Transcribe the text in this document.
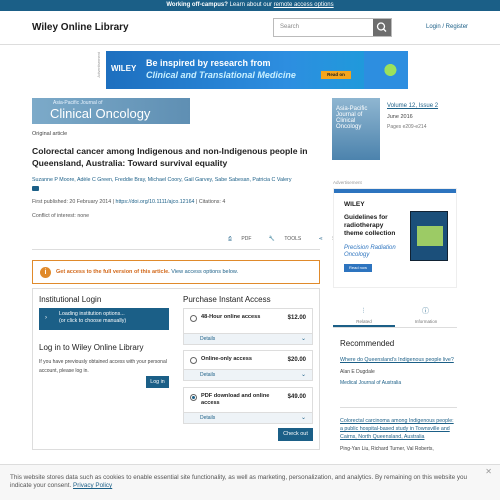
Working off-campus? Learn about our remote access options
Wiley Online Library	Search	Login / Register
Advertisement WILEY
Be inspired by research from
Clinical and Translational Medicine	Read on
Asia-Pacific Journal of
Clinical Oncology
Original article
Colorectal cancer among Indigenous and non-Indigenous people in Queensland, Australia: Toward survival equality
Suzanne P Moore, Adèle C Green, Freddie Bray, Michael Coory, Gail Garvey, Sabe Sabesan, Patricia C Valery
First published: 20 February 2014 | https://doi.org/10.1111/ajco.12164 | Citations: 4
Conflict of interest: none
⎙ PDF	🔧 TOOLS	⋖
i	Get access to the full version of this article. View access options below.
Institutional Login
›
Loading institution options...
(or click to choose manually)
Log in to Wiley Online Library
If you have previously obtained access with your personal account, please log in.
Log in
Purchase Instant Access
48-Hour online access	$12.00
Details	⌄
Online-only access	$20.00
Details	⌄
PDF download and online access
$49.00
Details	⌄
Check out
Asia-Pacific Journal of Clinical Oncology
Volume 12, Issue 2
June 2016
Pages e209-e214
Advertisement
WILEY
Guidelines for radiotherapy theme collection
Precision Radiation Oncology
Read now
⫶
Related
ⓘ
Information
Recommended
Where do Queensland's Indigenous people live?
Alan E Dugdale
Medical Journal of Australia
Colorectal carcinoma among Indigenous people: a public hospital-based study in Townsville and Cairns, North Queensland, Australia
Ping-Yan Liu, Richard Turner, Val Roberts,
This website stores data such as cookies to enable essential site functionality, as well as marketing, personalization, and analytics. By remaining on this website you indicate your consent. Privacy Policy
✕
